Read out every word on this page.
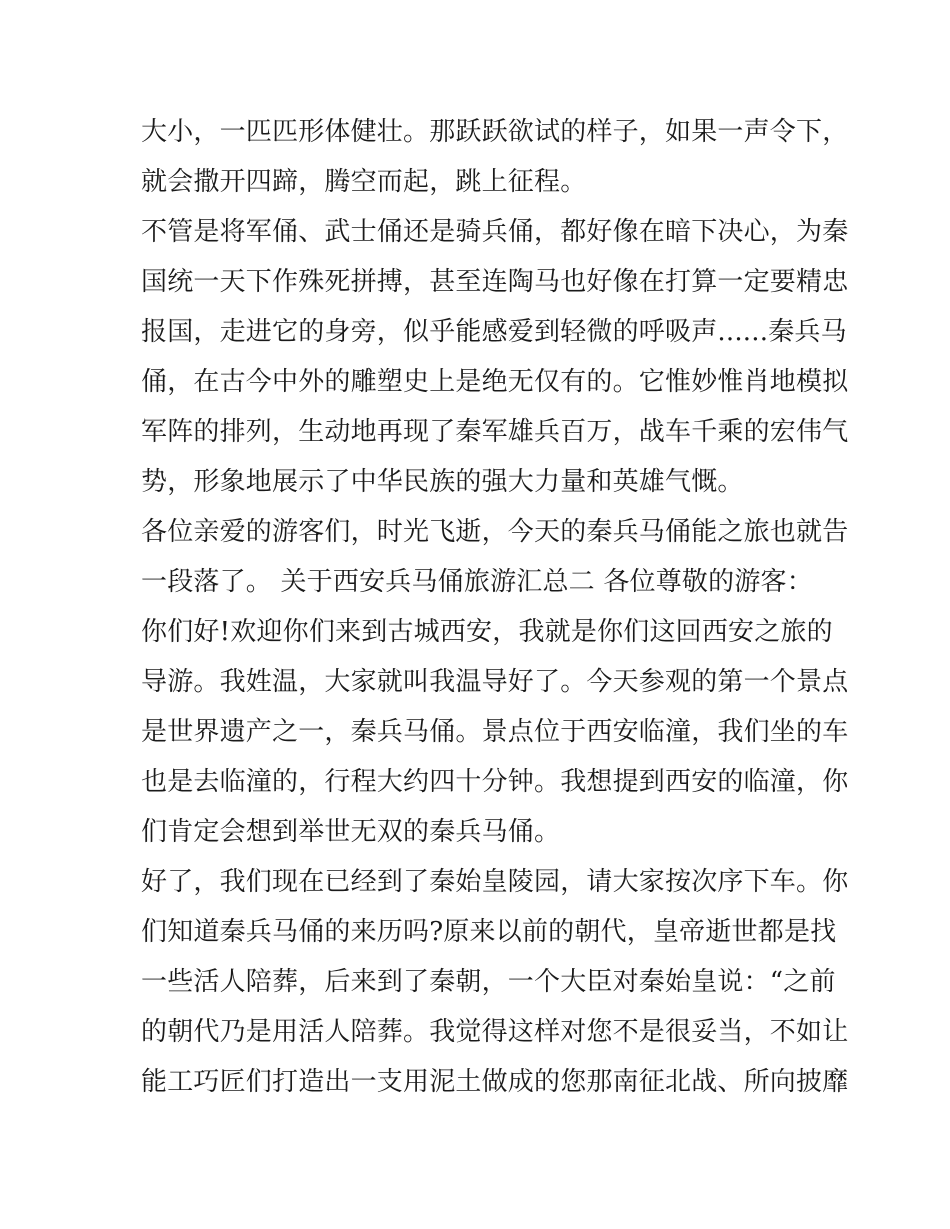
大小，一匹匹形体健壮。那跃跃欲试的样子，如果一声令下，
就会撒开四蹄，腾空而起，跳上征程。
不管是将军俑、武士俑还是骑兵俑，都好像在暗下决心，为秦
国统一天下作殊死拼搏，甚至连陶马也好像在打算一定要精忠
报国，走进它的身旁，似乎能感爱到轻微的呼吸声......秦兵马
俑，在古今中外的雕塑史上是绝无仅有的。它惟妙惟肖地模拟
军阵的排列，生动地再现了秦军雄兵百万，战车千乘的宏伟气
势，形象地展示了中华民族的强大力量和英雄气慨。
各位亲爱的游客们，时光飞逝，今天的秦兵马俑能之旅也就告
一段落了。 关于西安兵马俑旅游汇总二 各位尊敬的游客：
你们好!欢迎你们来到古城西安，我就是你们这回西安之旅的
导游。我姓温，大家就叫我温导好了。今天参观的第一个景点
是世界遗产之一，秦兵马俑。景点位于西安临潼，我们坐的车
也是去临潼的，行程大约四十分钟。我想提到西安的临潼，你
们肯定会想到举世无双的秦兵马俑。
好了，我们现在已经到了秦始皇陵园，请大家按次序下车。你
们知道秦兵马俑的来历吗?原来以前的朝代，皇帝逝世都是找
一些活人陪葬，后来到了秦朝，一个大臣对秦始皇说：“之前
的朝代乃是用活人陪葬。我觉得这样对您不是很妥当，不如让
能工巧匠们打造出一支用泥土做成的您那南征北战、所向披靡
